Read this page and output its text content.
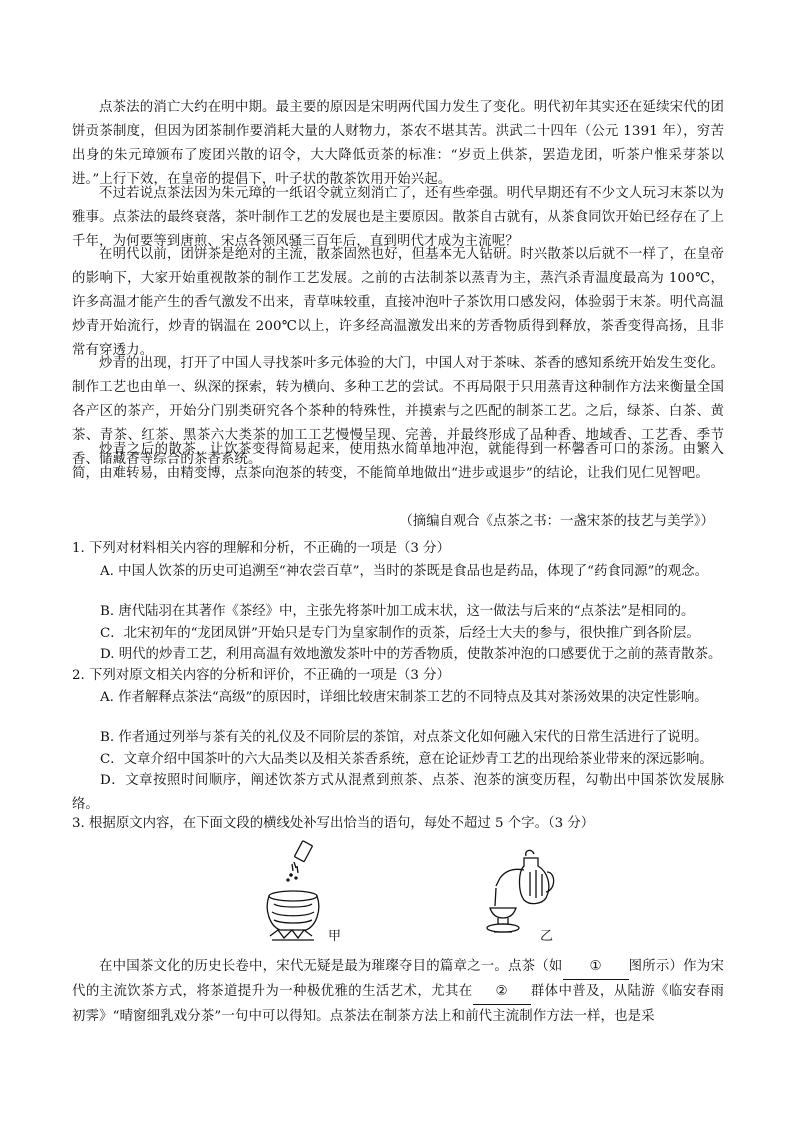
点茶法的消亡大约在明中期。最主要的原因是宋明两代国力发生了变化。明代初年其实还在延续宋代的团饼贡茶制度，但因为团茶制作要消耗大量的人财物力，茶农不堪其苦。洪武二十四年（公元 1391 年），穷苦出身的朱元璋颁布了废团兴散的诏令，大大降低贡茶的标准：“岁贡上供茶，罢造龙团，听茶户惟采芽茶以进。”上行下效，在皇帝的提倡下，叶子状的散茶饮用开始兴起。

不过若说点茶法因为朱元璋的一纸诏令就立刻消亡了，还有些牵强。明代早期还有不少文人玩习末茶以为雅事。点茶法的最终衰落，茶叶制作工艺的发展也是主要原因。散茶自古就有，从茶食同饮开始已经存在了上千年，为何要等到唐煎、宋点各领风骚三百年后，直到明代才成为主流呢？

在明代以前，团饼茶是绝对的主流，散茶固然也好，但基本无人钻研。时兴散茶以后就不一样了，在皇帝的影响下，大家开始重视散茶的制作工艺发展。之前的古法制茶以蒸青为主，蒸汽杀青温度最高为 100℃，许多高温才能产生的香气激发不出来，青草味较重，直接冲泡叶子茶饮用口感发闷，体验弱于末茶。明代高温炒青开始流行，炒青的锅温在 200℃以上，许多经高温激发出来的芳香物质得到释放，茶香变得高扬，且非常有穿透力。

炒青的出现，打开了中国人寻找茶叶多元体验的大门，中国人对于茶味、茶香的感知系统开始发生变化。制作工艺也由单一、纵深的探索，转为横向、多种工艺的尝试。不再局限于只用蒸青这种制作方法来衡量全国各产区的茶产，开始分门别类研究各个茶种的特殊性，并摸索与之匹配的制茶工艺。之后，绿茶、白茶、黄茶、青茶、红茶、黑茶六大类茶的加工工艺慢慢呈现、完善，并最终形成了品种香、地域香、工艺香、季节香、储藏香等综合的茶香系统。

炒青之后的散茶，让饮茶变得简易起来，使用热水简单地冲泡，就能得到一杯馨香可口的茶汤。由繁入简，由难转易，由精变博，点茶向泡茶的转变，不能简单地做出“进步或退步”的结论，让我们见仁见智吧。

（摘编自观合《点茶之书：一盏宋茶的技艺与美学》）

1. 下列对材料相关内容的理解和分析，不正确的一项是（3 分）

A. 中国人饮茶的历史可追溯至“神农尝百草”，当时的茶既是食品也是药品，体现了“药食同源”的观念。

B. 唐代陆羽在其著作《茶经》中，主张先将茶叶加工成末状，这一做法与后来的“点茶法”是相同的。

C．北宋初年的“龙团凤饼”开始只是专门为皇家制作的贡茶，后经士大夫的参与，很快推广到各阶层。

D. 明代的炒青工艺，利用高温有效地激发茶叶中的芳香物质，使散茶冲泡的口感要优于之前的蒸青散茶。

2. 下列对原文相关内容的分析和评价，不正确的一项是（3 分）

A. 作者解释点茶法“高级”的原因时，详细比较唐宋制茶工艺的不同特点及其对茶汤效果的决定性影响。

B. 作者通过列举与茶有关的礼仪及不同阶层的茶馆，对点茶文化如何融入宋代的日常生活进行了说明。

C．文章介绍中国茶叶的六大品类以及相关茶香系统，意在论证炒青工艺的出现给茶业带来的深远影响。

D．文章按照时间顺序，阐述饮茶方式从混煮到煎茶、点茶、泡茶的演变历程，勾勒出中国茶饮发展脉络。

3. 根据原文内容，在下面文段的横线处补写出恰当的语句，每处不超过 5 个字。（3 分）

甲	乙

在中国茶文化的历史长卷中，宋代无疑是最为璀璨夺目的篇章之一。点茶（如 ① 图所示）作为宋代的主流饮茶方式，将茶道提升为一种极优雅的生活艺术，尤其在 ② 群体中普及，从陆游《临安春雨初霁》“晴窗细乳戏分茶”一句中可以得知。点茶法在制茶方法上和前代主流制作方法一样，也是采
